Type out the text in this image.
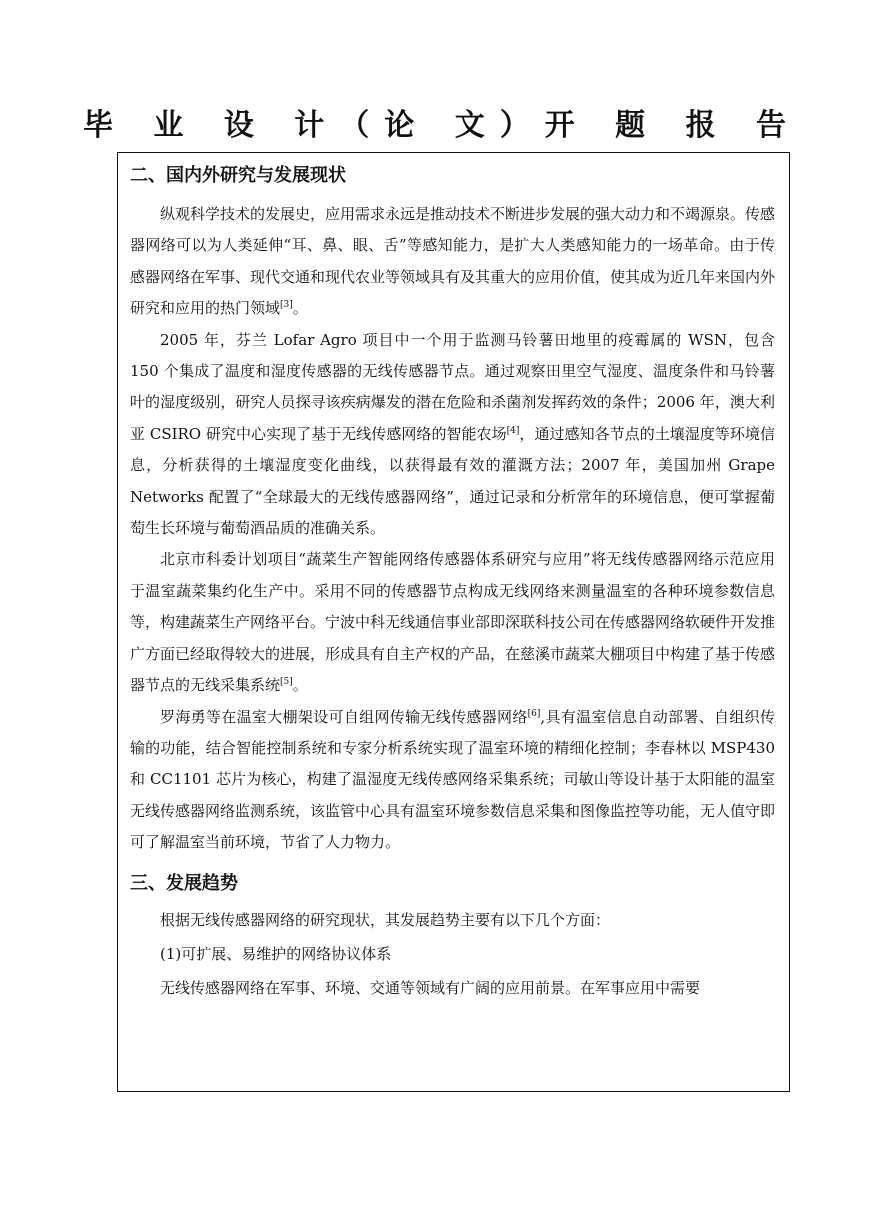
毕 业 设 计（论 文）开 题 报 告
二、国内外研究与发展现状

纵观科学技术的发展史，应用需求永远是推动技术不断进步发展的强大动力和不竭源泉。传感器网络可以为人类延伸“耳、鼻、眼、舌”等感知能力，是扩大人类感知能力的一场革命。由于传感器网络在军事、现代交通和现代农业等领域具有及其重大的应用价值，使其成为近几年来国内外研究和应用的热门领域[3]。

2005 年，芬兰 Lofar Agro 项目中一个用于监测马铃薯田地里的疫霉属的 WSN，包含 150 个集成了温度和湿度传感器的无线传感器节点。通过观察田里空气湿度、温度条件和马铃薯叶的湿度级别，研究人员探寻该疾病爆发的潜在危险和杀菌剂发挥药效的条件；2006 年，澳大利亚 CSIRO 研究中心实现了基于无线传感网络的智能农场[4]，通过感知各节点的土壤湿度等环境信息，分析获得的土壤湿度变化曲线，以获得最有效的灌溉方法；2007 年，美国加州 Grape Networks 配置了“全球最大的无线传感器网络”，通过记录和分析常年的环境信息，便可掌握葡萄生长环境与葡萄酒品质的准确关系。

北京市科委计划项目“蔬菜生产智能网络传感器体系研究与应用”将无线传感器网络示范应用于温室蔬菜集约化生产中。采用不同的传感器节点构成无线网络来测量温室的各种环境参数信息等，构建蔬菜生产网络平台。宁波中科无线通信事业部即深联科技公司在传感器网络软硬件开发推广方面已经取得较大的进展，形成具有自主产权的产品，在慈溪市蔬菜大棚项目中构建了基于传感器节点的无线采集系统[5]。

罗海勇等在温室大棚架设可自组网传输无线传感器网络[6],具有温室信息自动部署、自组织传输的功能，结合智能控制系统和专家分析系统实现了温室环境的精细化控制；李春林以 MSP430 和 CC1101 芯片为核心，构建了温湿度无线传感网络采集系统；司敏山等设计基于太阳能的温室无线传感器网络监测系统，该监管中心具有温室环境参数信息采集和图像监控等功能，无人值守即可了解温室当前环境，节省了人力物力。

三、发展趋势

根据无线传感器网络的研究现状，其发展趋势主要有以下几个方面：

(1)可扩展、易维护的网络协议体系

无线传感器网络在军事、环境、交通等领域有广阔的应用前景。在军事应用中需要
